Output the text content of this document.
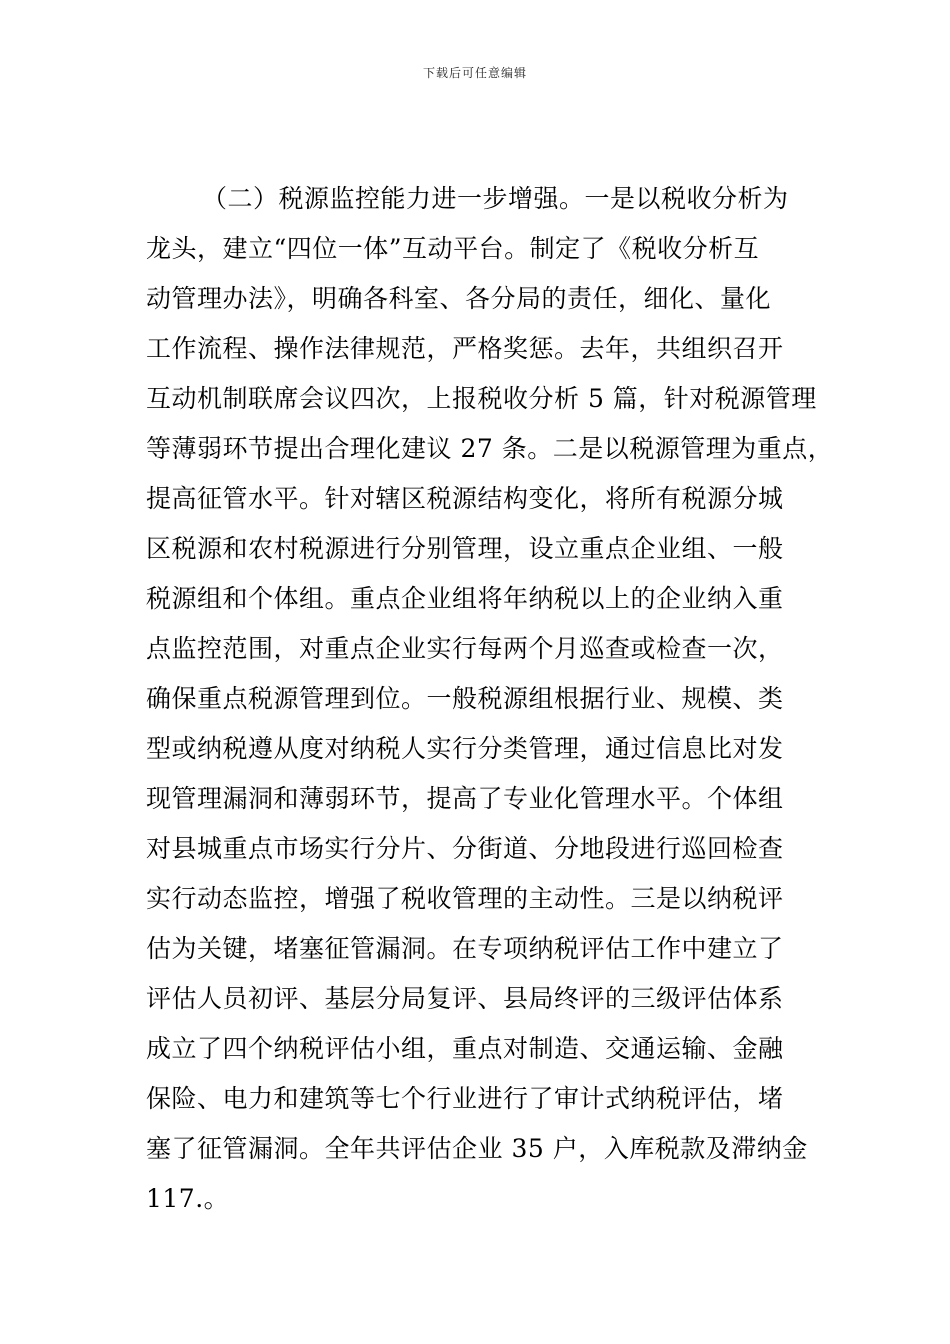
下载后可任意编辑
（二）税源监控能力进一步增强。一是以税收分析为
龙头，建立“四位一体”互动平台。制定了《税收分析互
动管理办法》，明确各科室、各分局的责任，细化、量化
工作流程、操作法律规范，严格奖惩。去年，共组织召开
互动机制联席会议四次，上报税收分析 5 篇，针对税源管理
等薄弱环节提出合理化建议 27 条。二是以税源管理为重点，
提高征管水平。针对辖区税源结构变化，将所有税源分城
区税源和农村税源进行分别管理，设立重点企业组、一般
税源组和个体组。重点企业组将年纳税以上的企业纳入重
点监控范围，对重点企业实行每两个月巡查或检查一次，
确保重点税源管理到位。一般税源组根据行业、规模、类
型或纳税遵从度对纳税人实行分类管理，通过信息比对发
现管理漏洞和薄弱环节，提高了专业化管理水平。个体组
对县城重点市场实行分片、分街道、分地段进行巡回检查
实行动态监控，增强了税收管理的主动性。三是以纳税评
估为关键，堵塞征管漏洞。在专项纳税评估工作中建立了
评估人员初评、基层分局复评、县局终评的三级评估体系
成立了四个纳税评估小组，重点对制造、交通运输、金融
保险、电力和建筑等七个行业进行了审计式纳税评估，堵
塞了征管漏洞。全年共评估企业 35 户，入库税款及滞纳金
117.。
